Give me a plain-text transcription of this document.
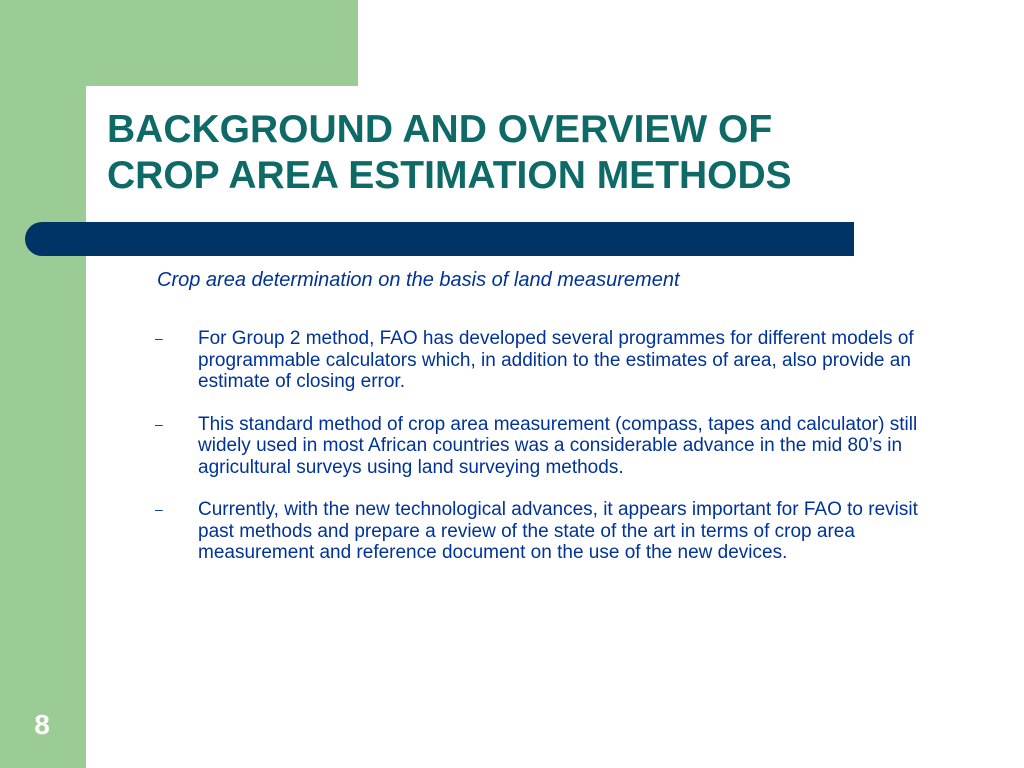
BACKGROUND AND OVERVIEW OF
CROP AREA ESTIMATION METHODS

Crop area determination on the basis of land measurement

– For Group 2 method, FAO has developed several programmes for different models of programmable calculators which, in addition to the estimates of area, also provide an estimate of closing error.
– This standard method of crop area measurement (compass, tapes and calculator) still widely used in most African countries was a considerable advance in the mid 80’s in agricultural surveys using land surveying methods.
– Currently, with the new technological advances, it appears important for FAO to revisit past methods and prepare a review of the state of the art in terms of crop area measurement and reference document on the use of the new devices.
8
